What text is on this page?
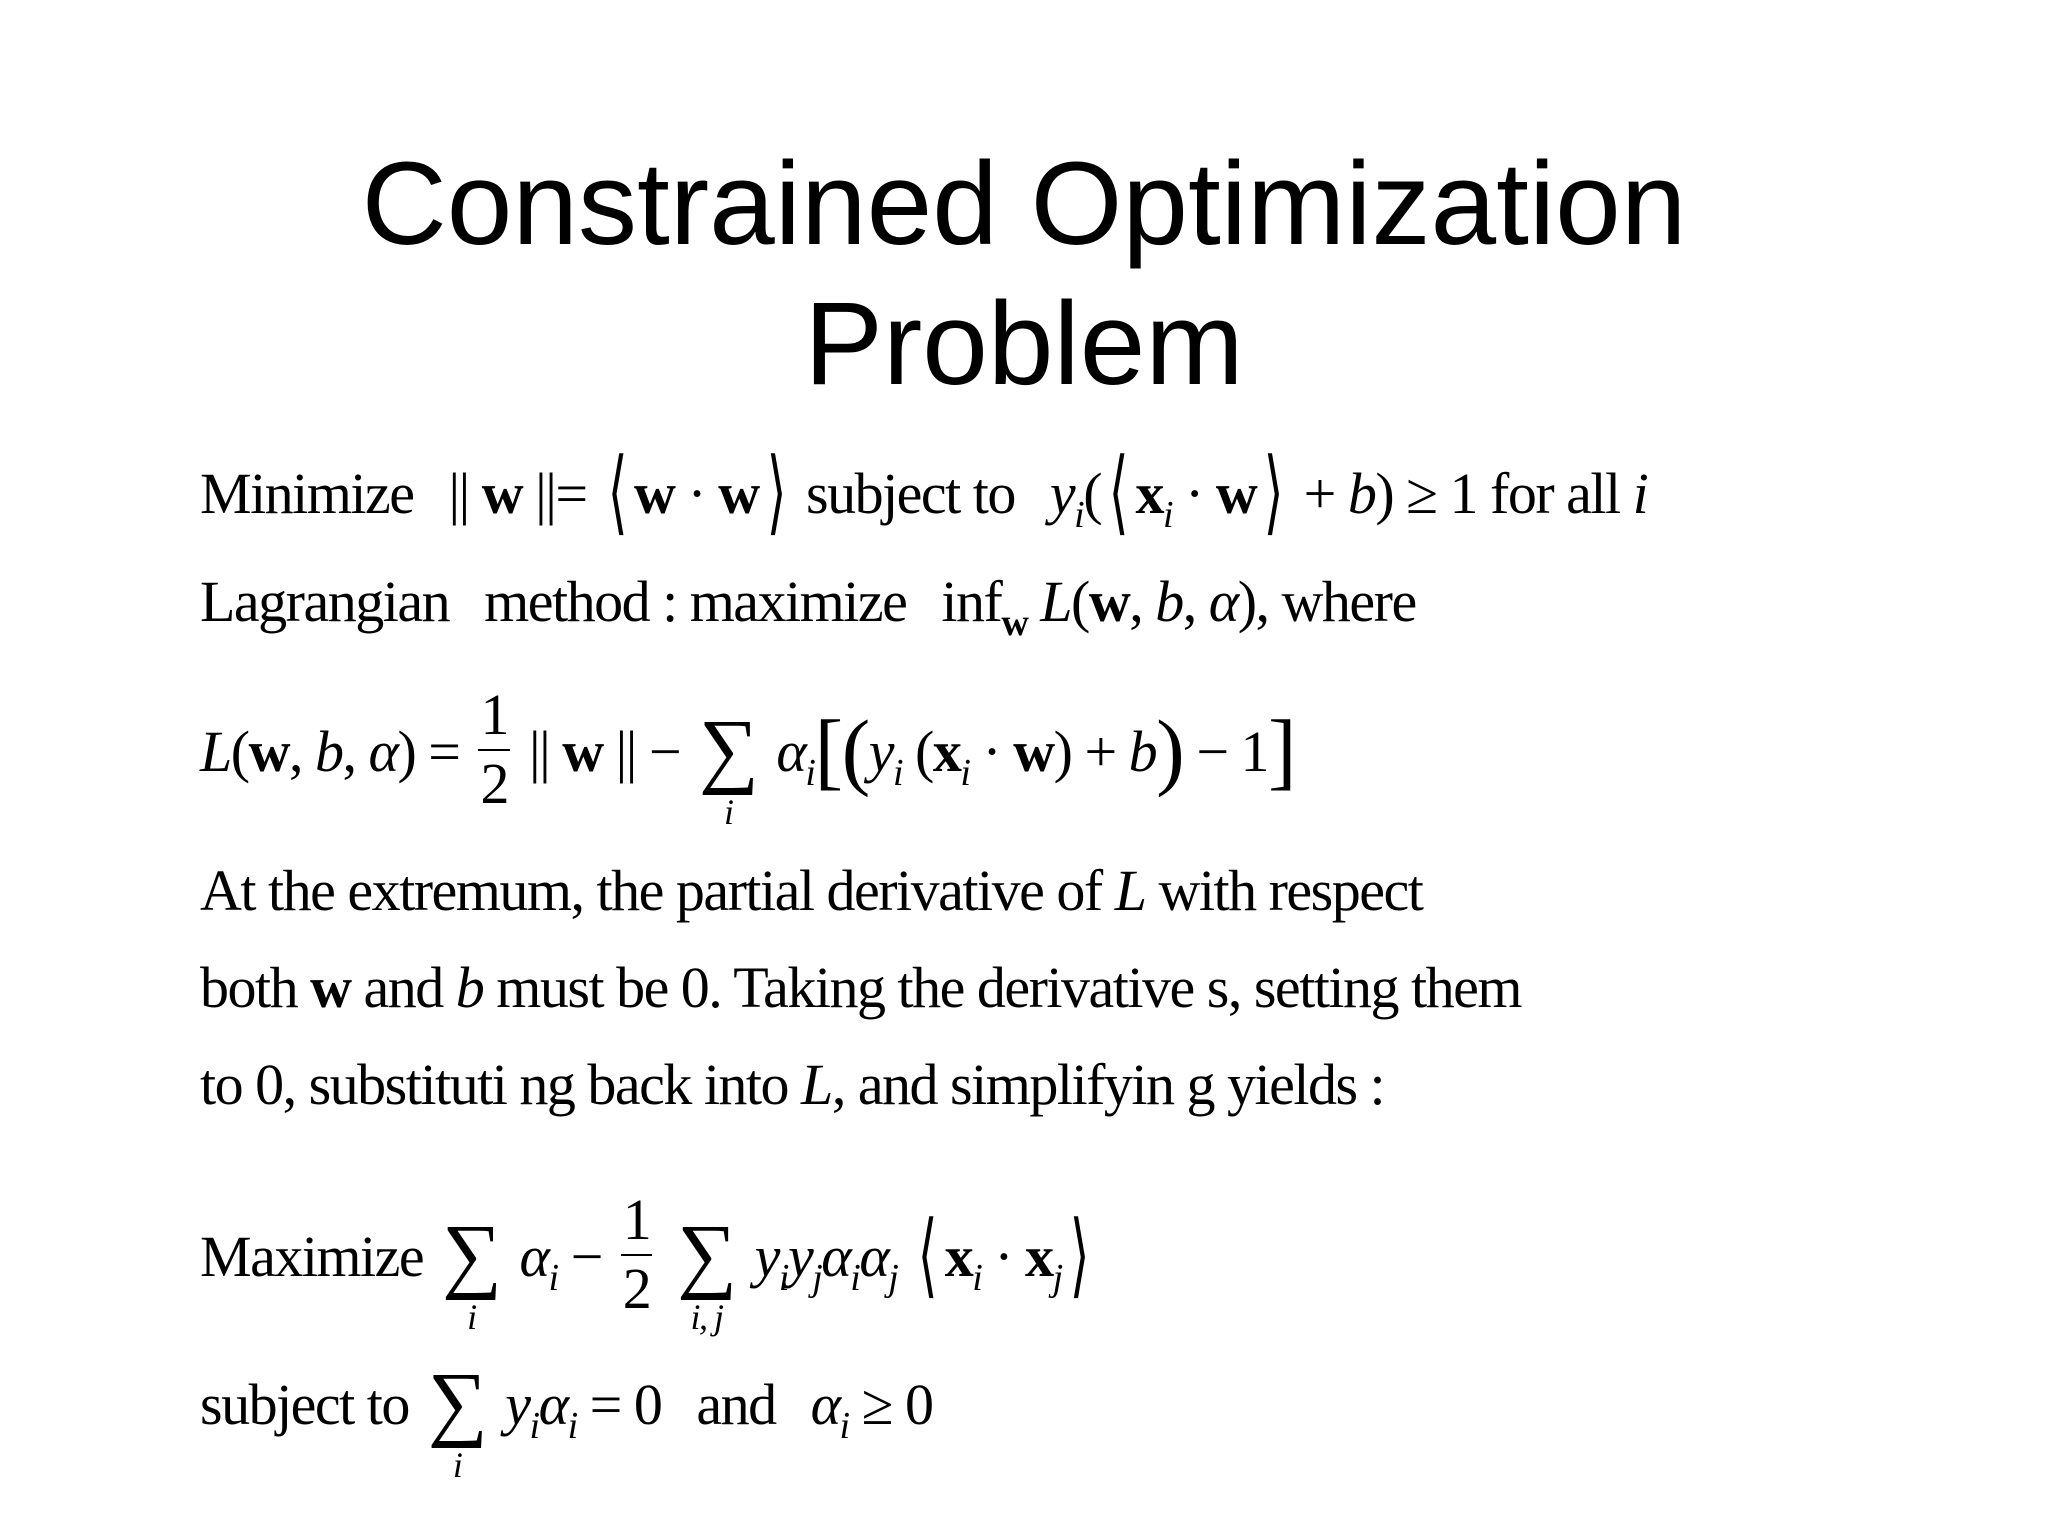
Constrained Optimization
Problem
Minimize || w ||= ⟨ w · w⟩ subject to $y_i(⟨$ $x_i$ · w⟩ + b) ≥ 1 for all i
Lagrangian method : maximize inf$_w$ L(w, b, α), where
L(w, b, $\alpha) = \frac{1}{2}$ || w || − ∑
i
$\alpha_i[(y_i$ $(x_i \cdot w) + b) - 1$]
At the extremum, the partial derivative of L with respect
both w and b must be 0. Taking the derivative s, setting them
to 0, substituti ng back into L, and simplifyin g yields :
Maximize ∑
i
$\alpha_i - \frac{1}{2}$ ∑
i, j
$y_iy_j\alpha_i\alpha_j$ ⟨ $x_i$ · $x_j⟩$
subject to ∑
i
$y_i\alpha_i = 0$ and $\alpha_i \ge 0$
